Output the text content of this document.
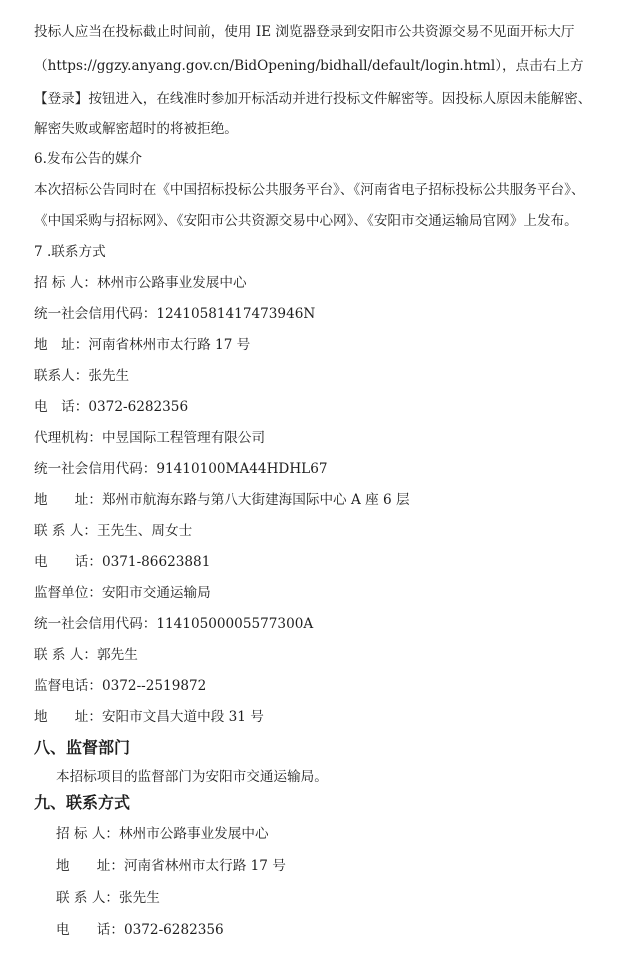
投标人应当在投标截止时间前，使用 IE 浏览器登录到安阳市公共资源交易不见面开标大厅
（https://ggzy.anyang.gov.cn/BidOpening/bidhall/default/login.html），点击右上方
【登录】按钮进入，在线准时参加开标活动并进行投标文件解密等。因投标人原因未能解密、
解密失败或解密超时的将被拒绝。
6.发布公告的媒介
本次招标公告同时在《中国招标投标公共服务平台》、《河南省电子招标投标公共服务平台》、
《中国采购与招标网》、《安阳市公共资源交易中心网》、《安阳市交通运输局官网》上发布。
7 .联系方式
招 标 人：林州市公路事业发展中心
统一社会信用代码：12410581417473946N
地　址：河南省林州市太行路 17 号
联系人：张先生
电　话：0372-6282356
代理机构：中昱国际工程管理有限公司
统一社会信用代码：91410100MA44HDHL67
地　　址：郑州市航海东路与第八大街建海国际中心 A 座 6 层
联 系 人：王先生、周女士
电　　话：0371-86623881
监督单位：安阳市交通运输局
统一社会信用代码：11410500005577300A
联 系 人：郭先生
监督电话：0372--2519872
地　　址：安阳市文昌大道中段 31 号
八、监督部门
本招标项目的监督部门为安阳市交通运输局。
九、联系方式
招 标 人：林州市公路事业发展中心
地　　址：河南省林州市太行路 17 号
联 系 人：张先生
电　　话：0372-6282356
